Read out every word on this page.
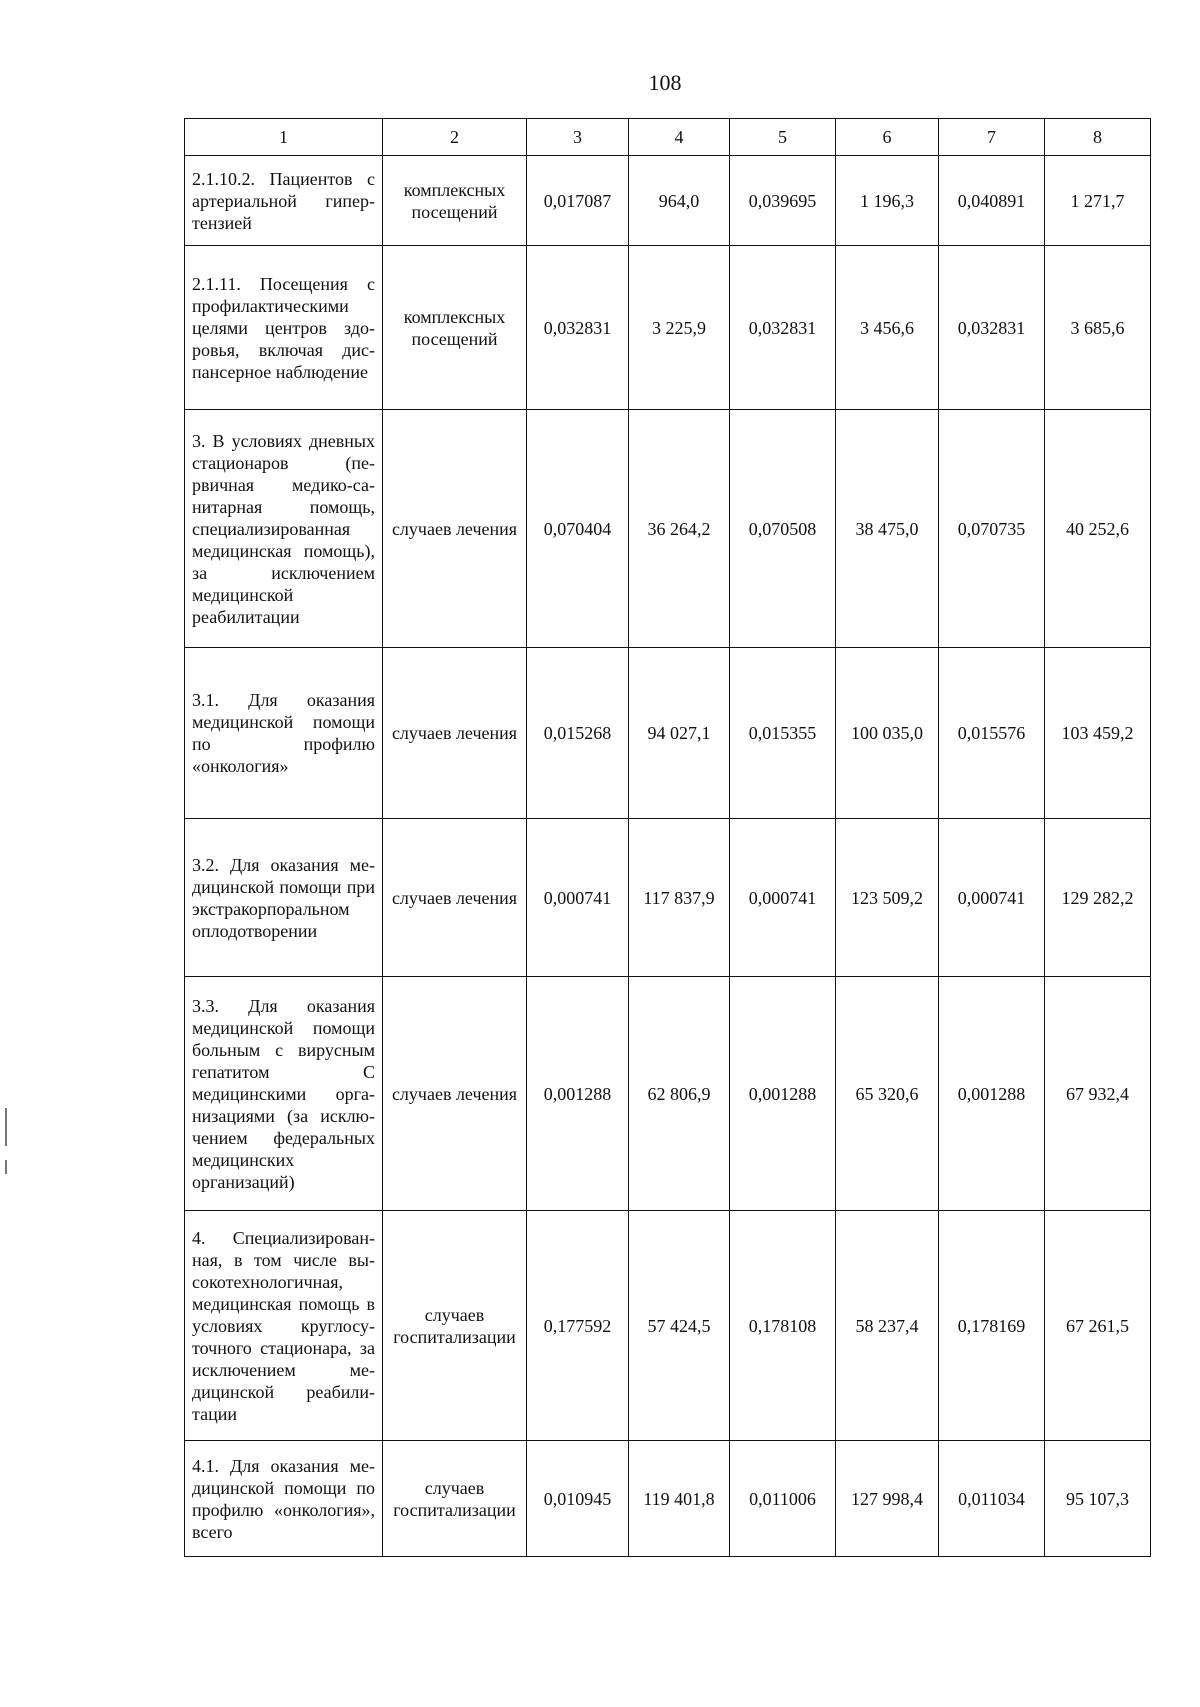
108
1	2	3	4	5	6	7	8
2.1.10.2. Пациентов с артериальной гипертензией	комплексных посещений	0,017087	964,0	0,039695	1 196,3	0,040891	1 271,7
2.1.11. Посещения с профилактическими целями центров здоровья, включая диспансерное наблюдение	комплексных посещений	0,032831	3 225,9	0,032831	3 456,6	0,032831	3 685,6
3. В условиях дневных стационаров (первичная медико-санитарная помощь, специализированная медицинская помощь), за исключением медицинской реабилитации	случаев лечения	0,070404	36 264,2	0,070508	38 475,0	0,070735	40 252,6
3.1. Для оказания медицинской помощи по профилю «онкология»	случаев лечения	0,015268	94 027,1	0,015355	100 035,0	0,015576	103 459,2
3.2. Для оказания медицинской помощи при экстракорпоральном оплодотворении	случаев лечения	0,000741	117 837,9	0,000741	123 509,2	0,000741	129 282,2
3.3. Для оказания медицинской помощи больным с вирусным гепатитом С медицинскими организациями (за исключением федеральных медицинских организаций)	случаев лечения	0,001288	62 806,9	0,001288	65 320,6	0,001288	67 932,4
4. Специализированная, в том числе высокотехнологичная, медицинская помощь в условиях круглосуточного стационара, за исключением медицинской реабилитации	случаев госпитализации	0,177592	57 424,5	0,178108	58 237,4	0,178169	67 261,5
4.1. Для оказания медицинской помощи по профилю «онкология», всего	случаев госпитализации	0,010945	119 401,8	0,011006	127 998,4	0,011034	95 107,3
